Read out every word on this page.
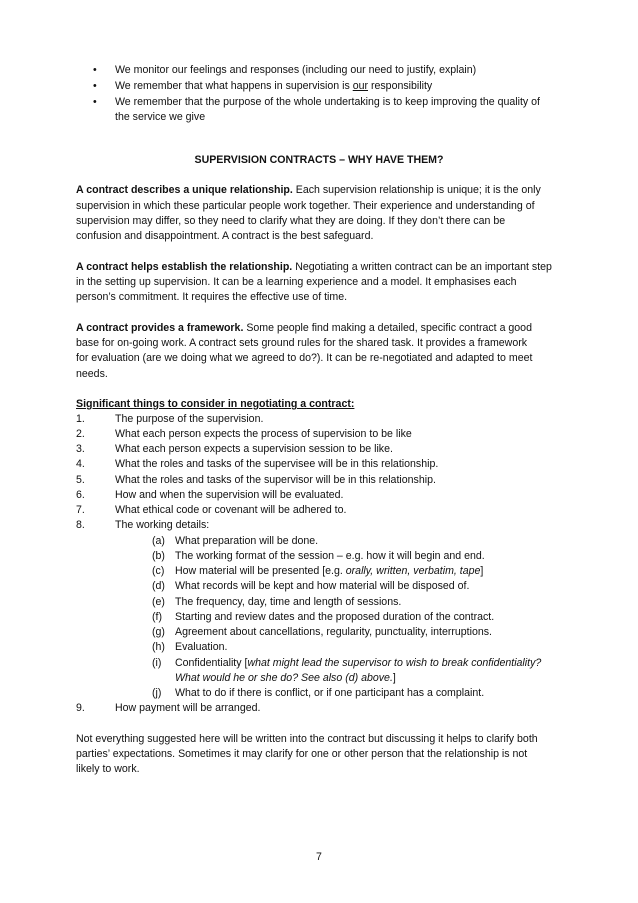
• We monitor our feelings and responses (including our need to justify, explain)
• We remember that what happens in supervision is our responsibility
• We remember that the purpose of the whole undertaking is to keep improving the quality of
the service we give
SUPERVISION CONTRACTS – WHY HAVE THEM?
A contract describes a unique relationship. Each supervision relationship is unique; it is the only
supervision in which these particular people work together. Their experience and understanding of
supervision may differ, so they need to clarify what they are doing. If they don’t there can be
confusion and disappointment. A contract is the best safeguard.
A contract helps establish the relationship. Negotiating a written contract can be an important step
in the setting up supervision. It can be a learning experience and a model. It emphasises each
person’s commitment. It requires the effective use of time.
A contract provides a framework. Some people find making a detailed, specific contract a good
base for on-going work. A contract sets ground rules for the shared task. It provides a framework
for evaluation (are we doing what we agreed to do?). It can be re-negotiated and adapted to meet
needs.
Significant things to consider in negotiating a contract:
1.	The purpose of the supervision.
2.	What each person expects the process of supervision to be like
3.	What each person expects a supervision session to be like.
4.	What the roles and tasks of the supervisee will be in this relationship.
5.	What the roles and tasks of the supervisor will be in this relationship.
6.	How and when the supervision will be evaluated.
7.	What ethical code or covenant will be adhered to.
8.	The working details:
(a) What preparation will be done.
(b) The working format of the session – e.g. how it will begin and end.
(c) How material will be presented [e.g. orally, written, verbatim, tape]
(d) What records will be kept and how material will be disposed of.
(e) The frequency, day, time and length of sessions.
(f) Starting and review dates and the proposed duration of the contract.
(g) Agreement about cancellations, regularity, punctuality, interruptions.
(h) Evaluation.
(i) Confidentiality [what might lead the supervisor to wish to break confidentiality?
What would he or she do? See also (d) above.]
(j) What to do if there is conflict, or if one participant has a complaint.
9.	How payment will be arranged.
Not everything suggested here will be written into the contract but discussing it helps to clarify both
parties’ expectations. Sometimes it may clarify for one or other person that the relationship is not
likely to work.
7
